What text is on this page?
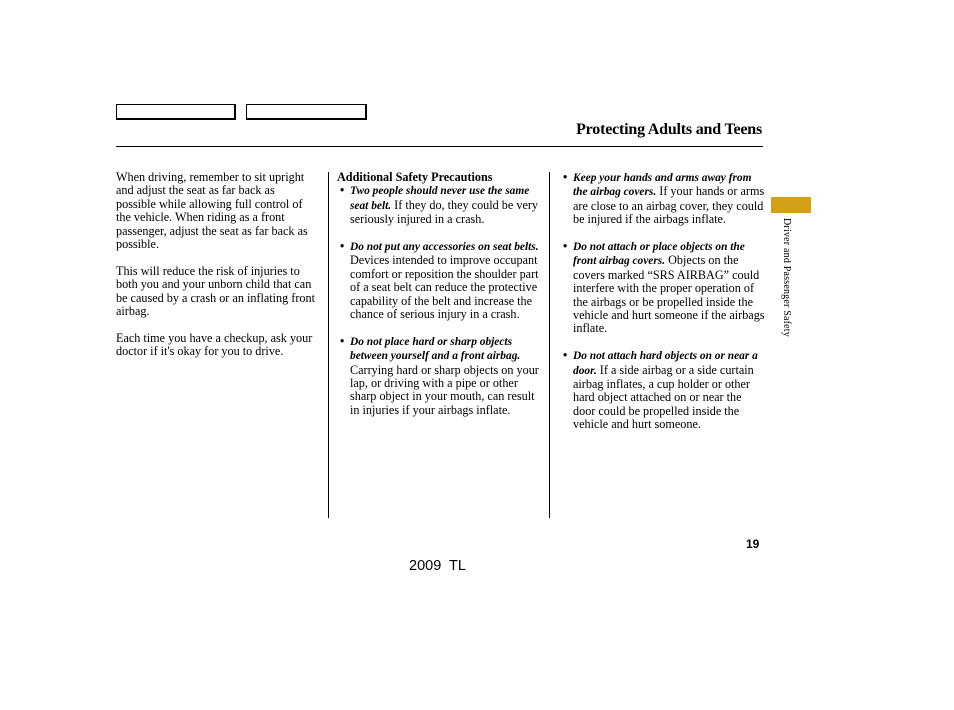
Protecting Adults and Teens

When driving, remember to sit upright and adjust the seat as far back as possible while allowing full control of the vehicle. When riding as a front passenger, adjust the seat as far back as possible.

This will reduce the risk of injuries to both you and your unborn child that can be caused by a crash or an inflating front airbag.

Each time you have a checkup, ask your doctor if it's okay for you to drive.

Additional Safety Precautions
• Two people should never use the same seat belt. If they do, they could be very seriously injured in a crash.
• Do not put any accessories on seat belts. Devices intended to improve occupant comfort or reposition the shoulder part of a seat belt can reduce the protective capability of the belt and increase the chance of serious injury in a crash.
• Do not place hard or sharp objects between yourself and a front airbag. Carrying hard or sharp objects on your lap, or driving with a pipe or other sharp object in your mouth, can result in injuries if your airbags inflate.
• Keep your hands and arms away from the airbag covers. If your hands or arms are close to an airbag cover, they could be injured if the airbags inflate.
• Do not attach or place objects on the front airbag covers. Objects on the covers marked “SRS AIRBAG” could interfere with the proper operation of the airbags or be propelled inside the vehicle and hurt someone if the airbags inflate.
• Do not attach hard objects on or near a door. If a side airbag or a side curtain airbag inflates, a cup holder or other hard object attached on or near the door could be propelled inside the vehicle and hurt someone.
Driver and Passenger Safety
19
2009  TL
